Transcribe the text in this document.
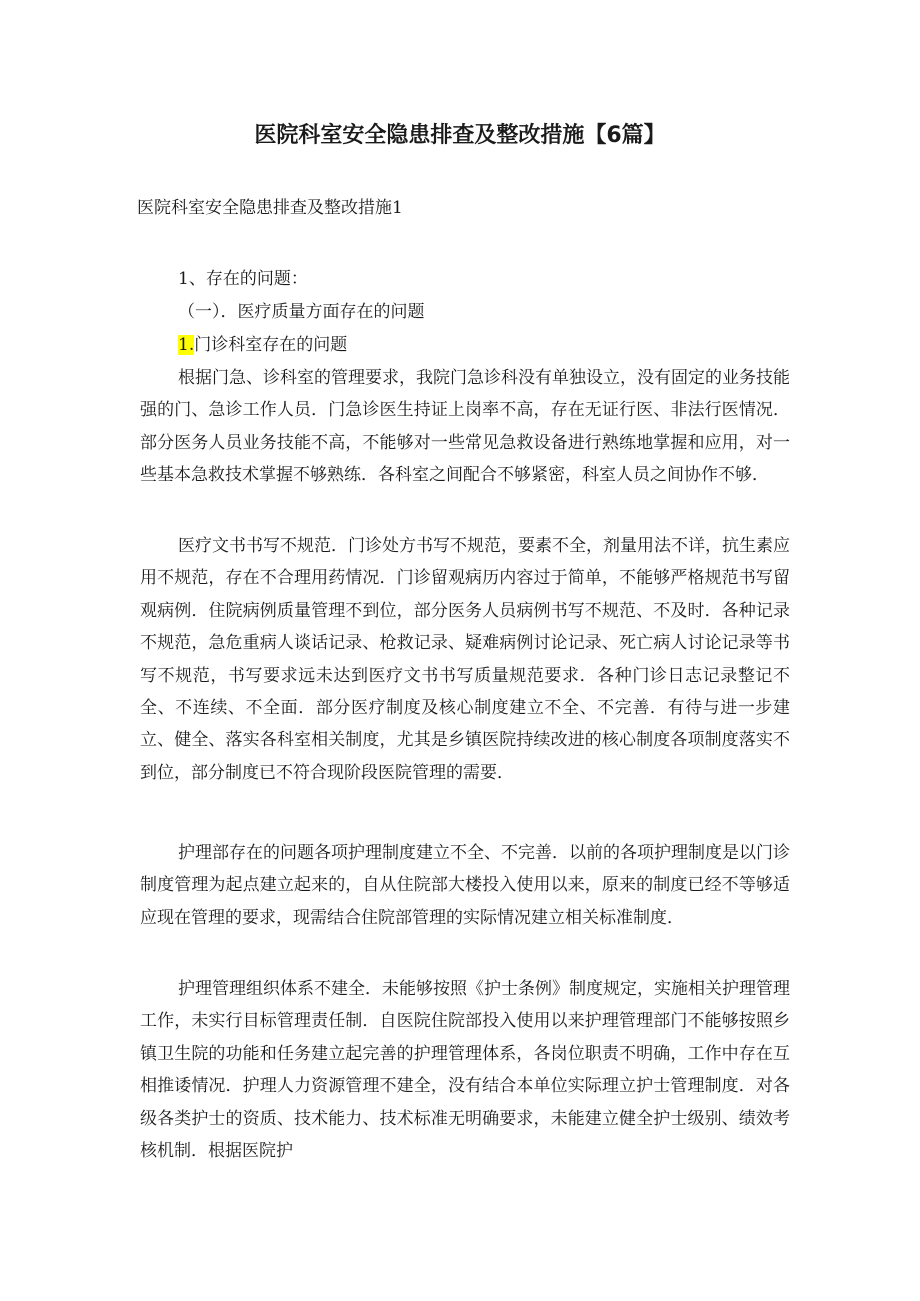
医院科室安全隐患排查及整改措施【6篇】
医院科室安全隐患排查及整改措施1
1、存在的问题：
（一）．医疗质量方面存在的问题
1.门诊科室存在的问题

根据门急、诊科室的管理要求，我院门急诊科没有单独设立，没有固定的业务技能强的门、急诊工作人员．门急诊医生持证上岗率不高，存在无证行医、非法行医情况．部分医务人员业务技能不高，不能够对一些常见急救设备进行熟练地掌握和应用，对一些基本急救技术掌握不够熟练．各科室之间配合不够紧密，科室人员之间协作不够．

医疗文书书写不规范．门诊处方书写不规范，要素不全，剂量用法不详，抗生素应用不规范，存在不合理用药情况．门诊留观病历内容过于简单，不能够严格规范书写留观病例．住院病例质量管理不到位，部分医务人员病例书写不规范、不及时．各种记录不规范，急危重病人谈话记录、枪救记录、疑难病例讨论记录、死亡病人讨论记录等书写不规范，书写要求远未达到医疗文书书写质量规范要求．各种门诊日志记录整记不全、不连续、不全面．部分医疗制度及核心制度建立不全、不完善．有待与进一步建立、健全、落实各科室相关制度，尤其是乡镇医院持续改进的核心制度各项制度落实不到位，部分制度已不符合现阶段医院管理的需要．

护理部存在的问题各项护理制度建立不全、不完善．以前的各项护理制度是以门诊制度管理为起点建立起来的，自从住院部大楼投入使用以来，原来的制度已经不等够适应现在管理的要求，现需结合住院部管理的实际情况建立相关标准制度．

护理管理组织体系不建全．未能够按照《护士条例》制度规定，实施相关护理管理工作，未实行目标管理责任制．自医院住院部投入使用以来护理管理部门不能够按照乡镇卫生院的功能和任务建立起完善的护理管理体系，各岗位职责不明确，工作中存在互相推诿情况．护理人力资源管理不建全，没有结合本单位实际理立护士管理制度．对各级各类护士的资质、技术能力、技术标准无明确要求，未能建立健全护士级别、绩效考核机制．根据医院护
